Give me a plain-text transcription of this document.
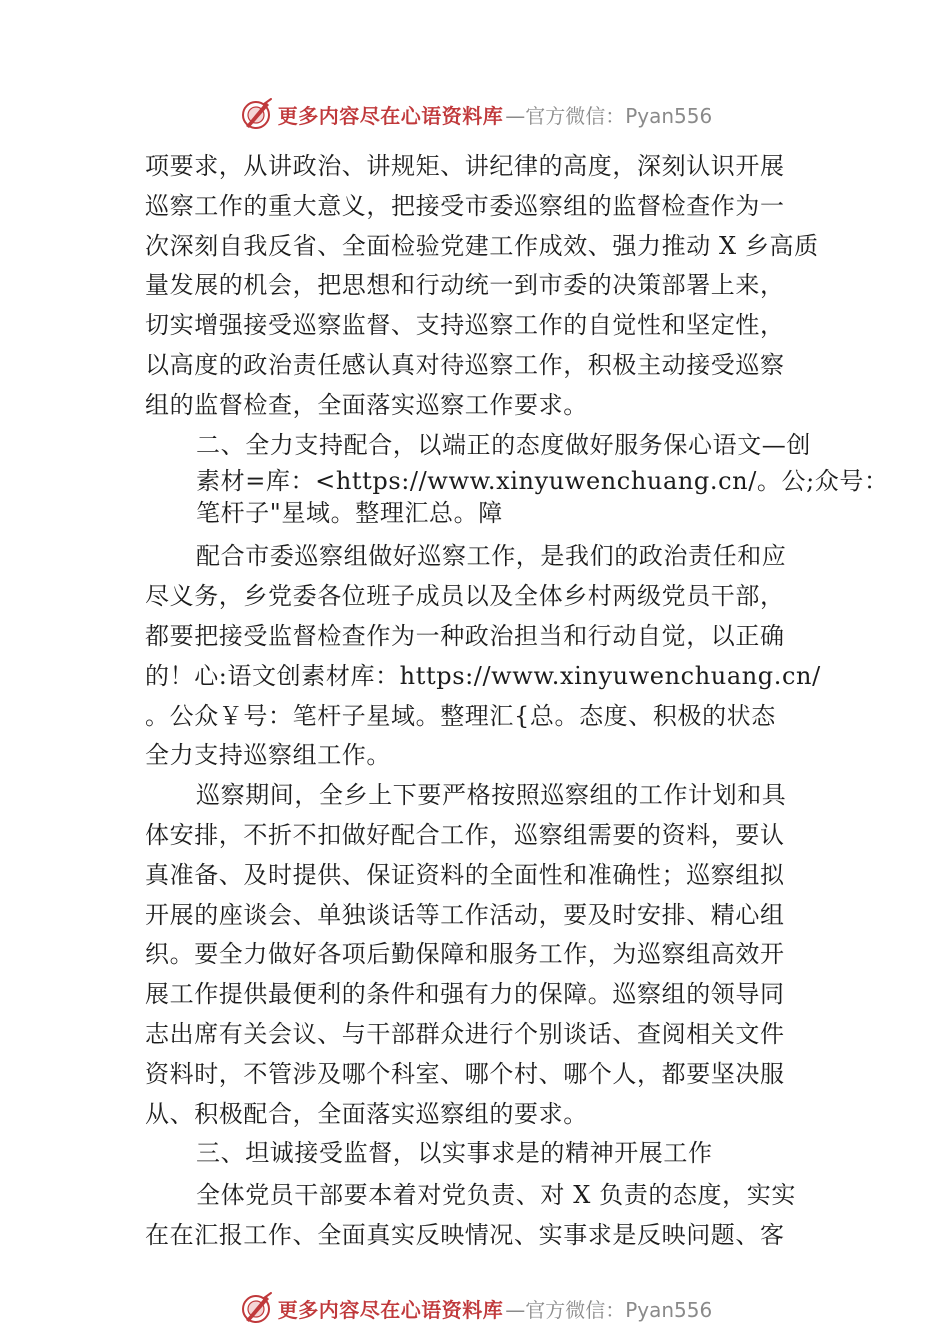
更多内容尽在心语资料库 —官方微信：Pyan556
项要求，从讲政治、讲规矩、讲纪律的高度，深刻认识开展
巡察工作的重大意义，把接受市委巡察组的监督检查作为一
次深刻自我反省、全面检验党建工作成效、强力推动 X 乡高质
量发展的机会，把思想和行动统一到市委的决策部署上来，
切实增强接受巡察监督、支持巡察工作的自觉性和坚定性，
以高度的政治责任感认真对待巡察工作，积极主动接受巡察
组的监督检查，全面落实巡察工作要求。
二、全力支持配合，以端正的态度做好服务保心语文—创
素材=库：<https://www.xinyuwenchuang.cn/。公;众号：
笔杆子"星域。整理汇总。障
配合市委巡察组做好巡察工作，是我们的政治责任和应
尽义务，乡党委各位班子成员以及全体乡村两级党员干部，
都要把接受监督检查作为一种政治担当和行动自觉，以正确
的！心:语文创素材库：https://www.xinyuwenchuang.cn/
。公众￥号：笔杆子星域。整理汇{总。态度、积极的状态
全力支持巡察组工作。
巡察期间，全乡上下要严格按照巡察组的工作计划和具
体安排，不折不扣做好配合工作，巡察组需要的资料，要认
真准备、及时提供、保证资料的全面性和准确性；巡察组拟
开展的座谈会、单独谈话等工作活动，要及时安排、精心组
织。要全力做好各项后勤保障和服务工作，为巡察组高效开
展工作提供最便利的条件和强有力的保障。巡察组的领导同
志出席有关会议、与干部群众进行个别谈话、查阅相关文件
资料时，不管涉及哪个科室、哪个村、哪个人，都要坚决服
从、积极配合，全面落实巡察组的要求。
三、坦诚接受监督，以实事求是的精神开展工作
全体党员干部要本着对党负责、对 X 负责的态度，实实
在在汇报工作、全面真实反映情况、实事求是反映问题、客
更多内容尽在心语资料库 —官方微信：Pyan556
